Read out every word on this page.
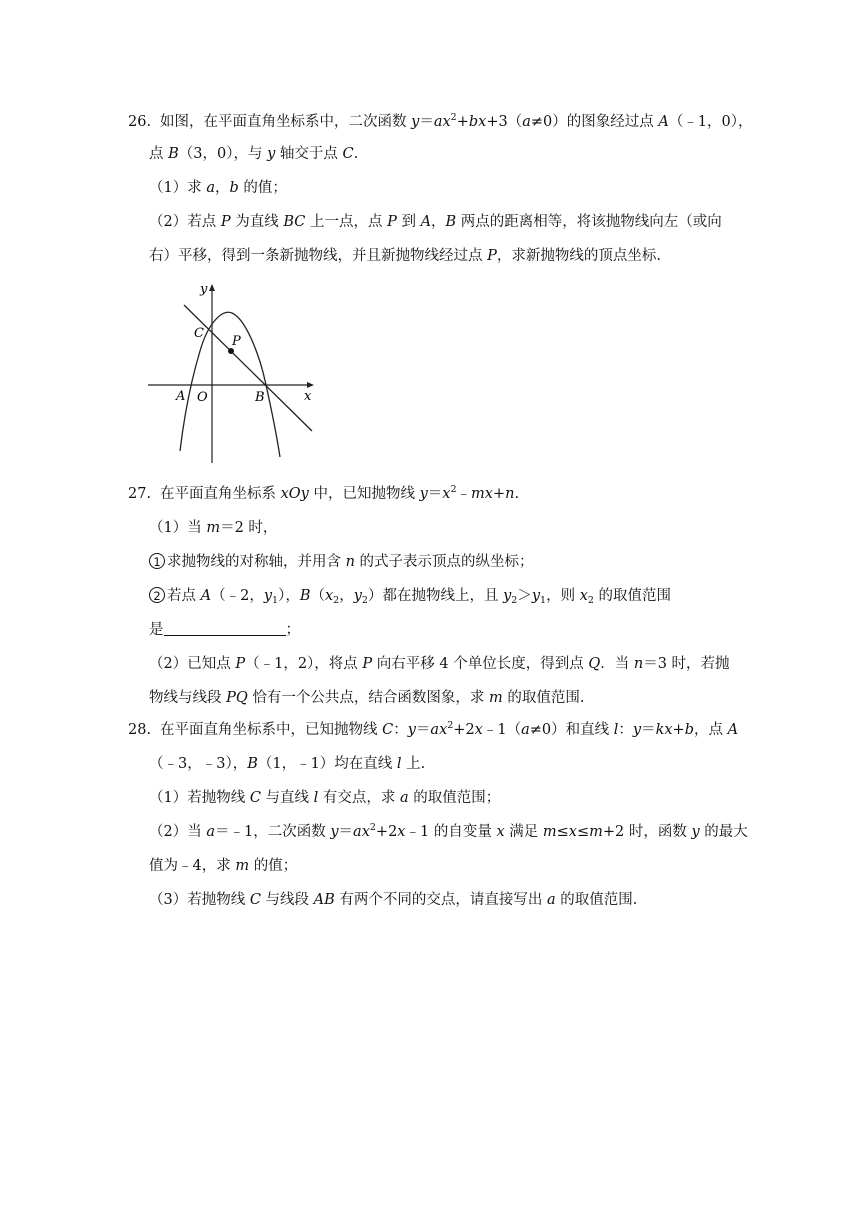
26. 如图，在平面直角坐标系中，二次函数 $y=ax^2+bx+3(a\ne 0)$的图象经过点 A（﹣1，0），
点 B（3，0），与 y 轴交于点 C.
（1）求 a，b 的值；
（2）若点 P 为直线 BC 上一点，点 P 到 A，B 两点的距离相等，将该抛物线向左（或向
右）平移，得到一条新抛物线，并且新抛物线经过点 P，求新抛物线的顶点坐标.
y
x
C
P
A O	B
27. 在平面直角坐标系 xOy 中，已知抛物线 $y=x^2﹣mx+n$.
（1）当 m＝2 时，
1 求抛物线的对称轴，并用含 n 的式子表示顶点的纵坐标；
2 若点 A（﹣2，$y_1$），$B(x_2$，$y_2$）都在抛物线上，且 $y_2>y_1$，则 $x_2$ 的取值范围
是	；
（2）已知点 P（﹣1，2），将点 P 向右平移 4 个单位长度，得到点 Q．当 n＝3 时，若抛
物线与线段 PQ 恰有一个公共点，结合函数图象，求 m 的取值范围.
28. 在平面直角坐标系中，已知抛物线 C：$y=ax^2+2x﹣1(a\ne 0)$和直线 l：y＝kx+b，点 A
（﹣3，﹣3），B（1，﹣1）均在直线 l 上.
（1）若抛物线 C 与直线 l 有交点，求 a 的取值范围；
（2）当 a＝﹣1，二次函数 $y=ax^2+2x﹣1$ 的自变量 x 满足 m≤x≤m+2 时，函数 y 的最大
值为﹣4，求 m 的值；
（3）若抛物线 C 与线段 AB 有两个不同的交点，请直接写出 a 的取值范围.
